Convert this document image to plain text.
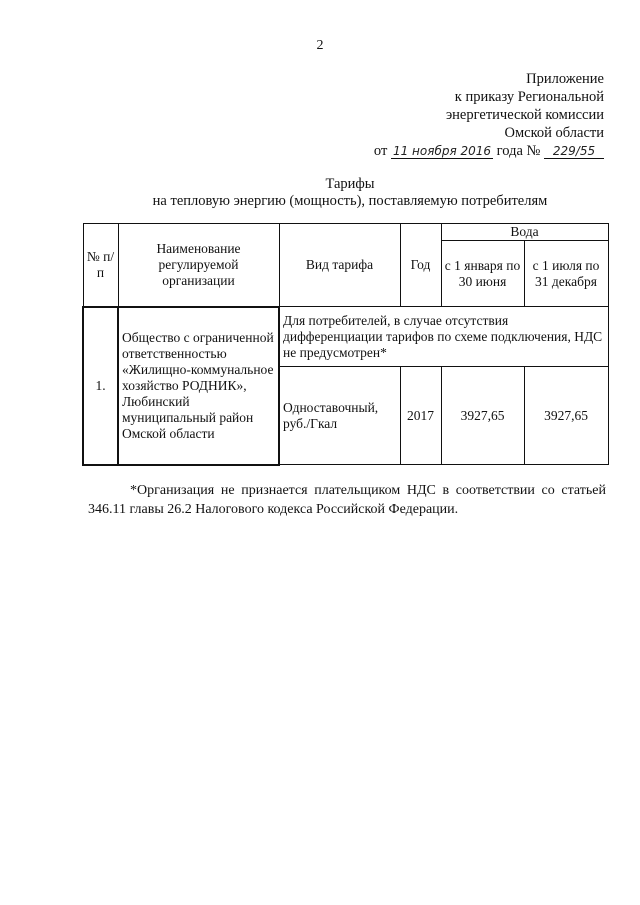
2
Приложение
к приказу Региональной
энергетической комиссии
Омской области
от 11 ноября 2016 года № 229/55
Тарифы
на тепловую энергию (мощность), поставляемую потребителям
№ п/п	Наименование регулируемой организации	Вид тарифа	Год	Вода	
				с 1 января по 30 июня	с 1 июля по 31 декабря
1.	Общество с ограниченной ответственностью «Жилищно-коммунальное хозяйство РОДНИК», Любинский муниципальный район Омской области	Для потребителей, в случае отсутствия дифференциации тарифов по схеме подключения, НДС не предусмотрен*			
		Одноставочный, руб./Гкал	2017	3927,65	3927,65
*Организация не признается плательщиком НДС в соответствии со статьей 346.11 главы 26.2 Налогового кодекса Российской Федерации.
